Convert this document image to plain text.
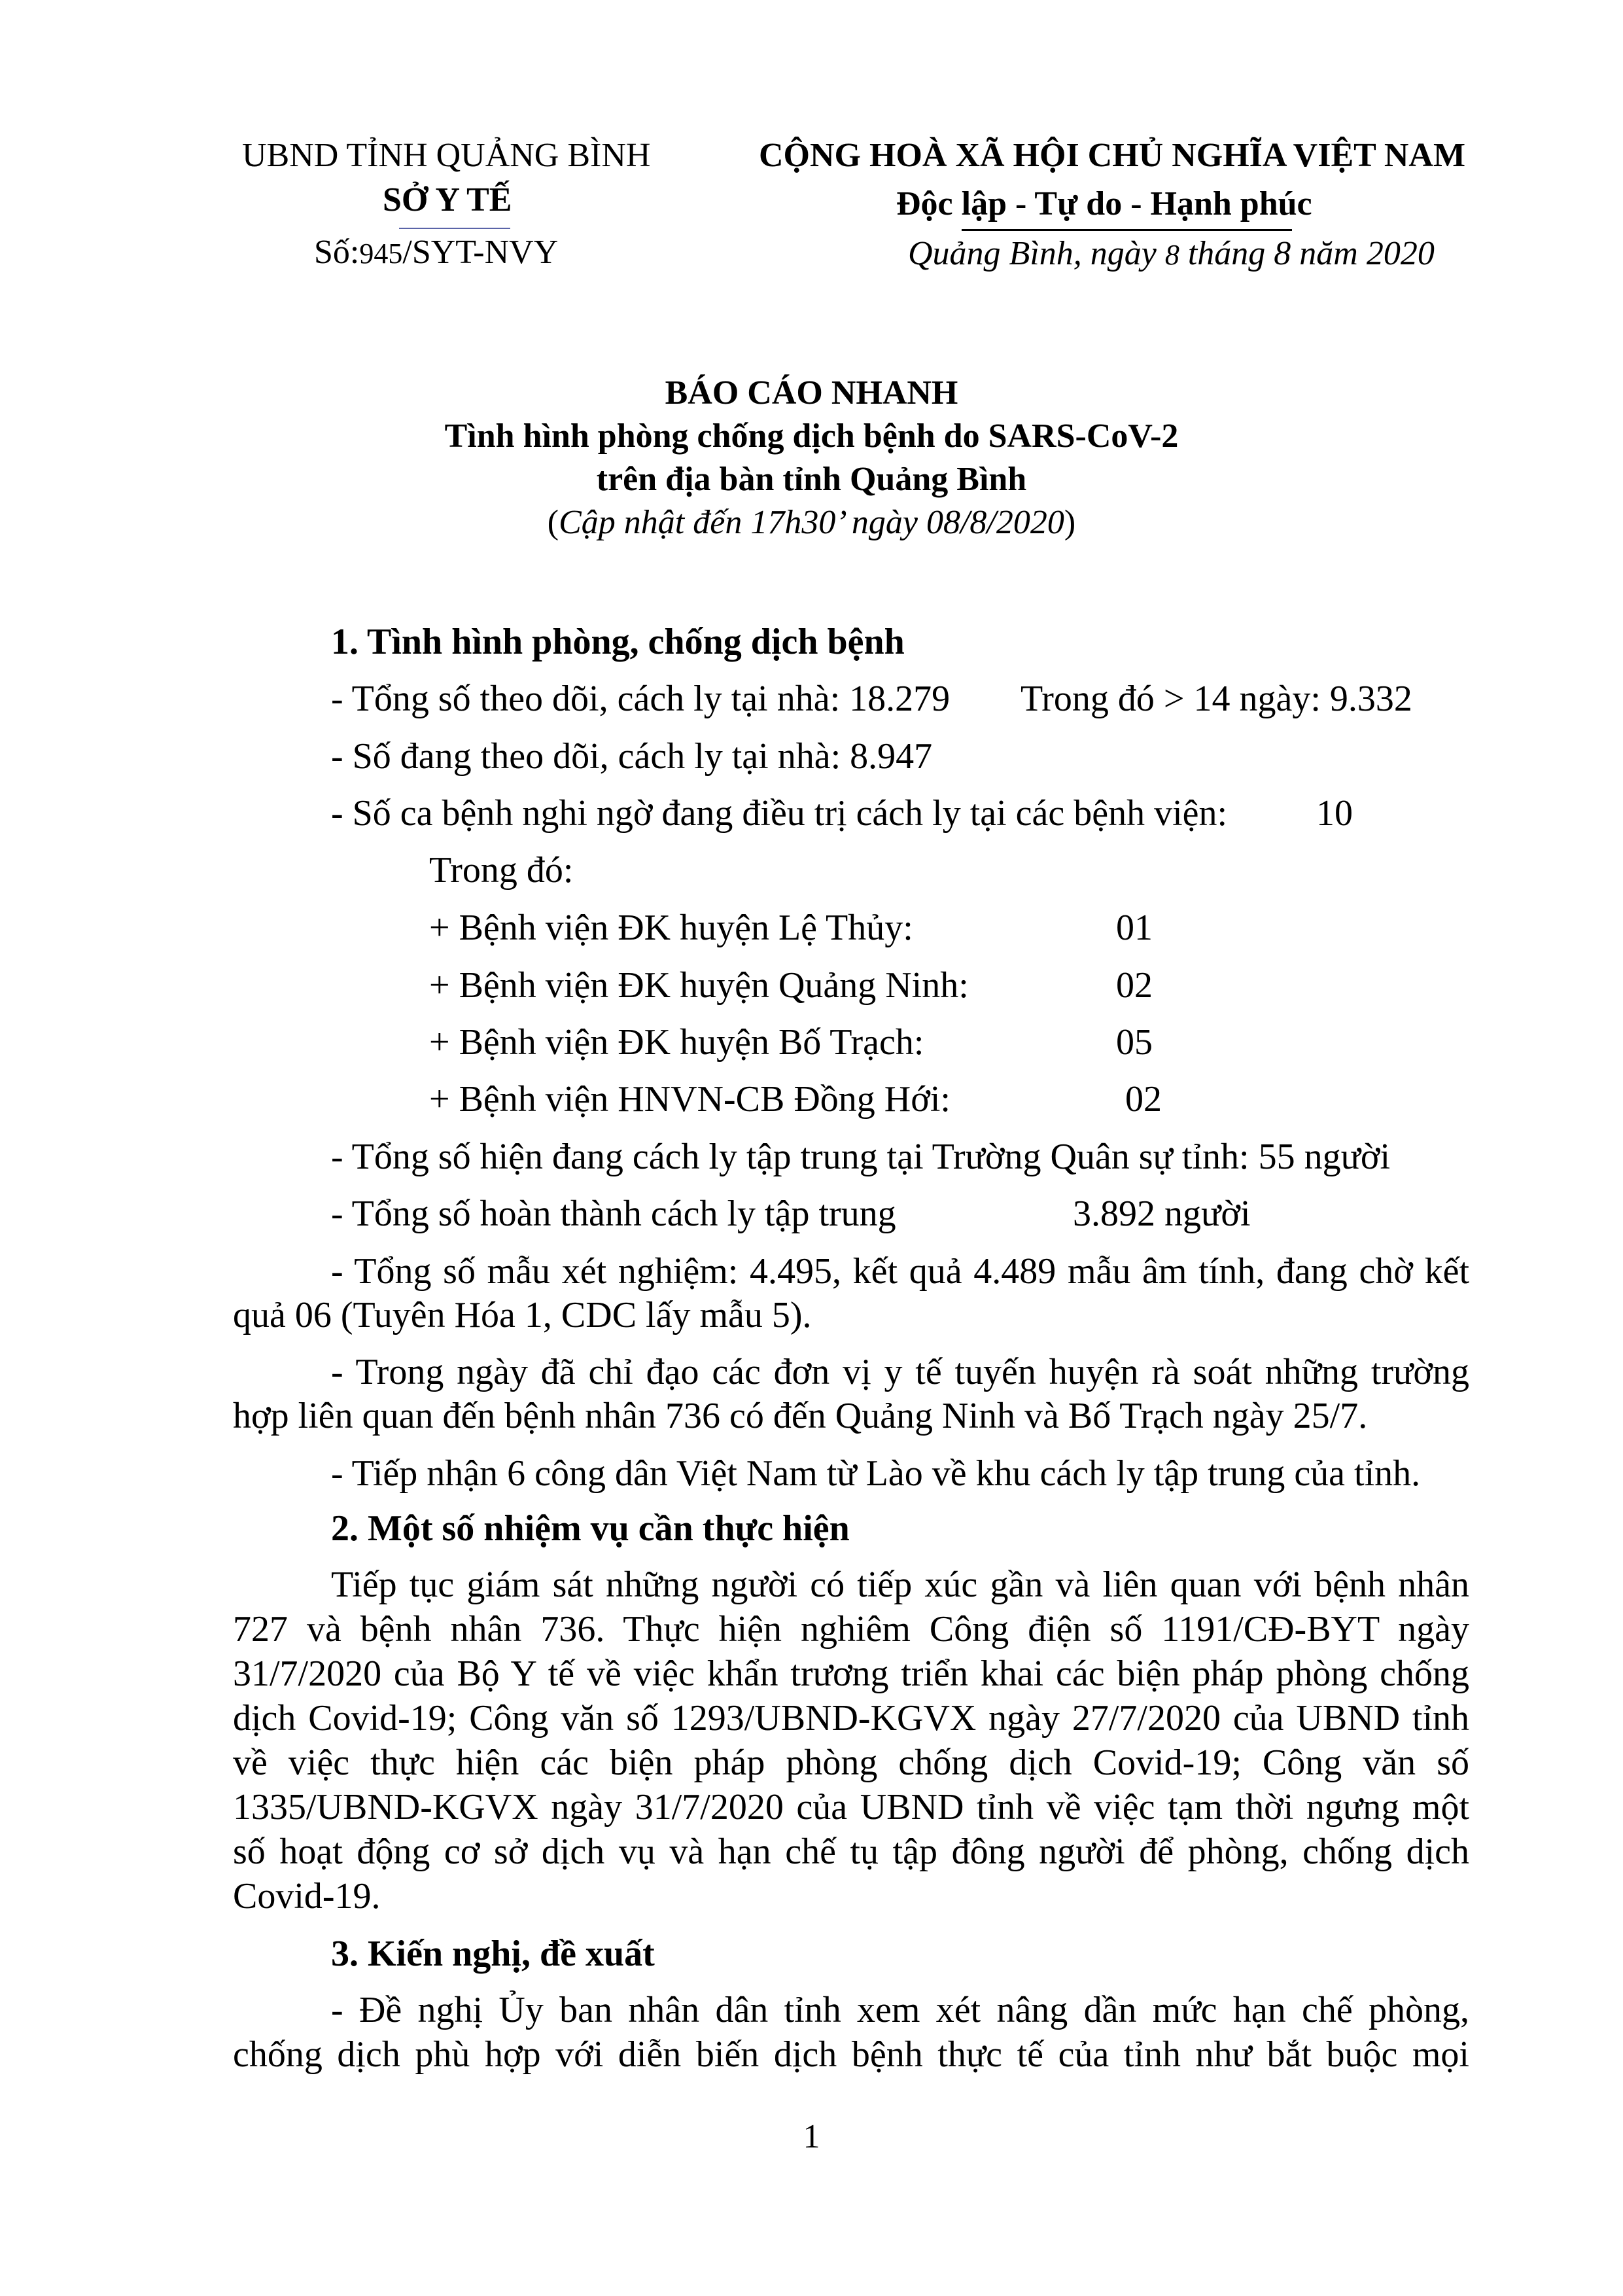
UBND TỈNH QUẢNG BÌNH
SỞ Y TẾ
Số:945/SYT-NVY
CỘNG HOÀ XÃ HỘI CHỦ NGHĨA VIỆT NAM
Độc lập - Tự do - Hạnh phúc
Quảng Bình, ngày 8 tháng 8 năm 2020
BÁO CÁO NHANH
Tình hình phòng chống dịch bệnh do SARS-CoV-2
trên địa bàn tỉnh Quảng Bình
(Cập nhật đến 17h30’ ngày 08/8/2020)
1. Tình hình phòng, chống dịch bệnh
- Tổng số theo dõi, cách ly tại nhà: 18.279 Trong đó > 14 ngày: 9.332
- Số đang theo dõi, cách ly tại nhà: 8.947
- Số ca bệnh nghi ngờ đang điều trị cách ly tại các bệnh viện: 10
Trong đó:
+ Bệnh viện ĐK huyện Lệ Thủy:	01
+ Bệnh viện ĐK huyện Quảng Ninh:	02
+ Bệnh viện ĐK huyện Bố Trạch:	05
+ Bệnh viện HNVN-CB Đồng Hới:	02
- Tổng số hiện đang cách ly tập trung tại Trường Quân sự tỉnh: 55 người
- Tổng số hoàn thành cách ly tập trung	3.892 người
- Tổng số mẫu xét nghiệm: 4.495, kết quả 4.489 mẫu âm tính, đang chờ kết
quả 06 (Tuyên Hóa 1, CDC lấy mẫu 5).
- Trong ngày đã chỉ đạo các đơn vị y tế tuyến huyện rà soát những trường
hợp liên quan đến bệnh nhân 736 có đến Quảng Ninh và Bố Trạch ngày 25/7.
- Tiếp nhận 6 công dân Việt Nam từ Lào về khu cách ly tập trung của tỉnh.
2. Một số nhiệm vụ cần thực hiện
Tiếp tục giám sát những người có tiếp xúc gần và liên quan với bệnh nhân
727 và bệnh nhân 736. Thực hiện nghiêm Công điện số 1191/CĐ-BYT ngày
31/7/2020 của Bộ Y tế về việc khẩn trương triển khai các biện pháp phòng chống
dịch Covid-19; Công văn số 1293/UBND-KGVX ngày 27/7/2020 của UBND tỉnh
về việc thực hiện các biện pháp phòng chống dịch Covid-19; Công văn số
1335/UBND-KGVX ngày 31/7/2020 của UBND tỉnh về việc tạm thời ngưng một
số hoạt động cơ sở dịch vụ và hạn chế tụ tập đông người để phòng, chống dịch
Covid-19.
3. Kiến nghị, đề xuất
- Đề nghị Ủy ban nhân dân tỉnh xem xét nâng dần mức hạn chế phòng,
chống dịch phù hợp với diễn biến dịch bệnh thực tế của tỉnh như bắt buộc mọi
1
